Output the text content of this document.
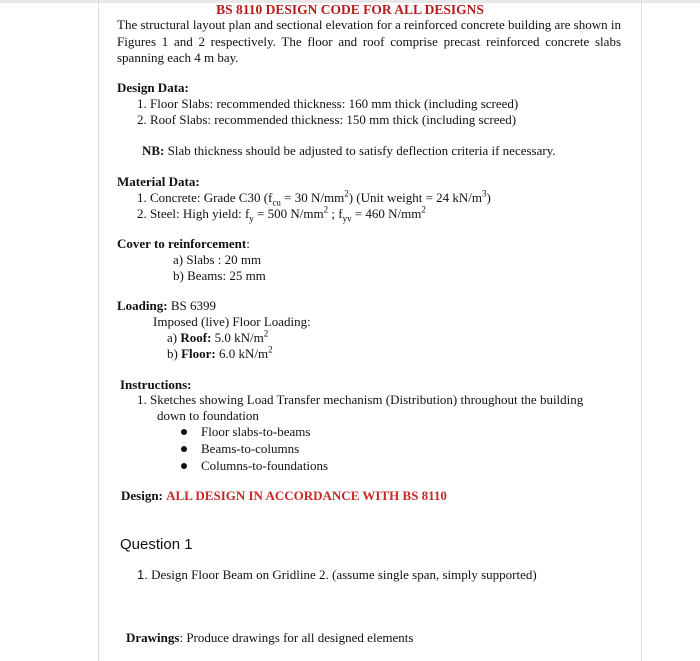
BS 8110 DESIGN CODE FOR ALL DESIGNS
The structural layout plan and sectional elevation for a reinforced concrete building are shown in Figures 1 and 2 respectively. The floor and roof comprise precast reinforced concrete slabs spanning each 4 m bay.
Design Data:
1. Floor Slabs: recommended thickness: 160 mm thick (including screed)
2. Roof Slabs: recommended thickness: 150 mm thick (including screed)
NB: Slab thickness should be adjusted to satisfy deflection criteria if necessary.
Material Data:
1. Concrete: Grade C30 ($f_{cu} = 30$ $N/mm^2$) (Unit weight = 24 $kN/m^3$)
2. Steel: High yield: $f_y = 500$ $N/mm^2$ ; $f_{yv} = 460$ $N/mm^2$
Cover to reinforcement:
a) Slabs : 20 mm
b) Beams: 25 mm
Loading: BS 6399
Imposed (live) Floor Loading:
a) Roof: 5.0 $kN/m^2$
b) Floor: 6.0 $kN/m^2$
Instructions:
1. Sketches showing Load Transfer mechanism (Distribution) throughout the building
down to foundation
Floor slabs-to-beams
Beams-to-columns
Columns-to-foundations
Design: ALL DESIGN IN ACCORDANCE WITH BS 8110
Question 1
1. Design Floor Beam on Gridline 2. (assume single span, simply supported)
Drawings: Produce drawings for all designed elements
